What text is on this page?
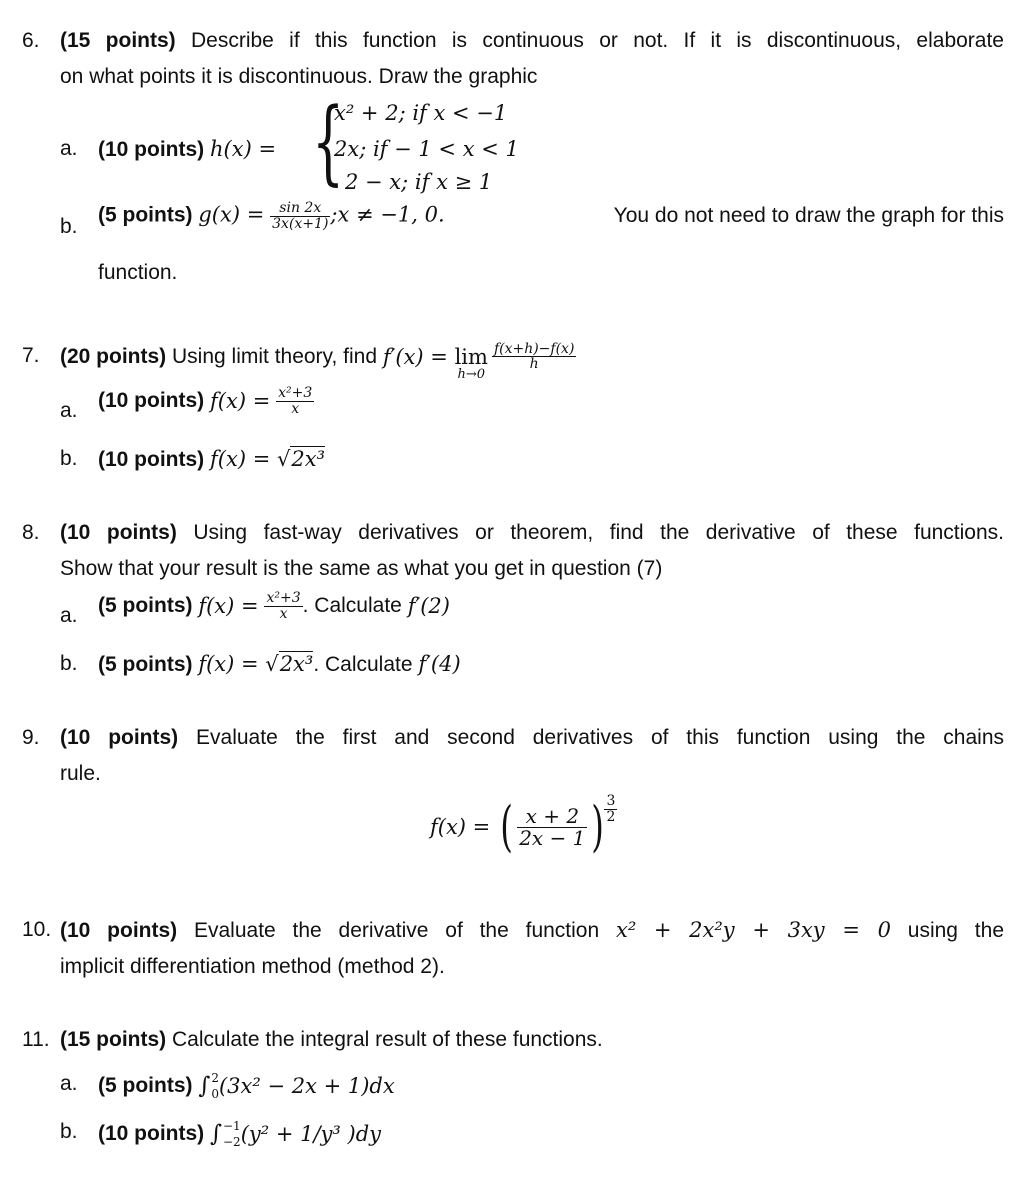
6. (15 points) Describe if this function is continuous or not. If it is discontinuous, elaborate
on what points it is discontinuous. Draw the graphic
a. (10 points) h(x) = {
x² + 2; if x < −1
2x; if − 1 < x < 1
2 − x; if x ≥ 1
b. (5 points) $g(x) = \frac{\sin 2x}{3x(x+1)}$ ;x ≠ −1, 0.	You do not need to draw the graph for this
function.
7. (20 points) Using limit theory, find f′(x) = lim
h→0
$\frac{f(x+h)-f(x)}{h}$
a. (10 points)
f(x) =
$\frac{\text{x²+3}}{x}$
b. (10 points) f(x) = √2x³
8. (10 points) Using fast-way derivatives or theorem, find the derivative of these functions.
Show that your result is the same as what you get in question (7)
a. (5 points)
f(x) =
$\frac{\text{x²+3}}{x}$ . Calculate f′(2)
b. (5 points) f(x) = √2x³. Calculate f′(4)
9. (10 points) Evaluate the first and second derivatives of this function using the chains
rule.
f(x) =
( $\frac{x + 2}{2x - 1}$ ) $\frac{3}{2}$
10. (10 points) Evaluate the derivative of the function x² + 2x²y + 3xy = 0 using the
implicit differentiation method (method 2).
11. (15 points) Calculate the integral result of these functions.
a. (5 points)
∫ 2
0 (3x² − 2x + 1)dx
b. (10 points)
∫ −1
−2 (y² + 1/y³ )dy
